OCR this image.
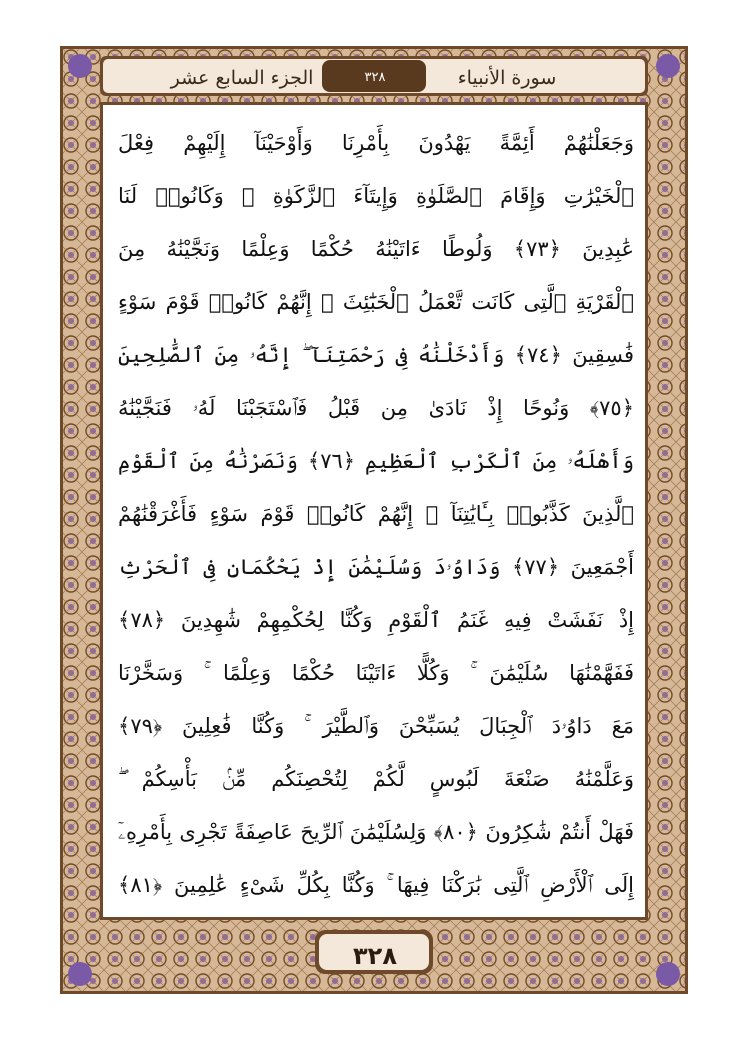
الجزء السابع عشر	سورة الأنبياء
٣٢٨
وَجَعَلْنَٰهُمْ أَئِمَّةً يَهْدُونَ بِأَمْرِنَا وَأَوْحَيْنَآ إِلَيْهِمْ فِعْلَ
ٱلْخَيْرَٰتِ وَإِقَامَ ٱلصَّلَوٰةِ وَإِيتَآءَ ٱلزَّكَوٰةِ ۖ وَكَانُوا۟ لَنَا
عَٰبِدِينَ ﴿٧٣﴾ وَلُوطًا ءَاتَيْنَٰهُ حُكْمًا وَعِلْمًا وَنَجَّيْنَٰهُ مِنَ
ٱلْقَرْيَةِ ٱلَّتِى كَانَت تَّعْمَلُ ٱلْخَبَٰٓئِثَ ۗ إِنَّهُمْ كَانُوا۟ قَوْمَ سَوْءٍ
فَٰسِقِينَ ﴿٧٤﴾ وَأَدْخَلْنَٰهُ فِى رَحْمَتِنَآ ۖ إِنَّهُۥ مِنَ ٱلصَّٰلِحِينَ
﴿٧٥﴾ وَنُوحًا إِذْ نَادَىٰ مِن قَبْلُ فَٱسْتَجَبْنَا لَهُۥ فَنَجَّيْنَٰهُ
وَأَهْلَهُۥ مِنَ ٱلْكَرْبِ ٱلْعَظِيمِ ﴿٧٦﴾ وَنَصَرْنَٰهُ مِنَ ٱلْقَوْمِ
ٱلَّذِينَ كَذَّبُوا۟ بِـَٔايَٰتِنَآ ۚ إِنَّهُمْ كَانُوا۟ قَوْمَ سَوْءٍ فَأَغْرَقْنَٰهُمْ
أَجْمَعِينَ ﴿٧٧﴾ وَدَاوُۥدَ وَسُلَيْمَٰنَ إِذْ يَحْكُمَانِ فِى ٱلْحَرْثِ
إِذْ نَفَشَتْ فِيهِ غَنَمُ ٱلْقَوْمِ وَكُنَّا لِحُكْمِهِمْ شَٰهِدِينَ ﴿٧٨﴾
فَفَهَّمْنَٰهَا سُلَيْمَٰنَ ۚ وَكُلًّا ءَاتَيْنَا حُكْمًا وَعِلْمًا ۚ وَسَخَّرْنَا
مَعَ دَاوُۥدَ ٱلْجِبَالَ يُسَبِّحْنَ وَٱلطَّيْرَ ۚ وَكُنَّا فَٰعِلِينَ ﴿٧٩﴾
وَعَلَّمْنَٰهُ صَنْعَةَ لَبُوسٍ لَّكُمْ لِتُحْصِنَكُم مِّنۢ بَأْسِكُمْ ۖ
فَهَلْ أَنتُمْ شَٰكِرُونَ ﴿٨٠﴾ وَلِسُلَيْمَٰنَ ٱلرِّيحَ عَاصِفَةً تَجْرِى بِأَمْرِهِۦٓ
إِلَى ٱلْأَرْضِ ٱلَّتِى بَٰرَكْنَا فِيهَا ۚ وَكُنَّا بِكُلِّ شَىْءٍ عَٰلِمِينَ ﴿٨١﴾
٣٢٨
